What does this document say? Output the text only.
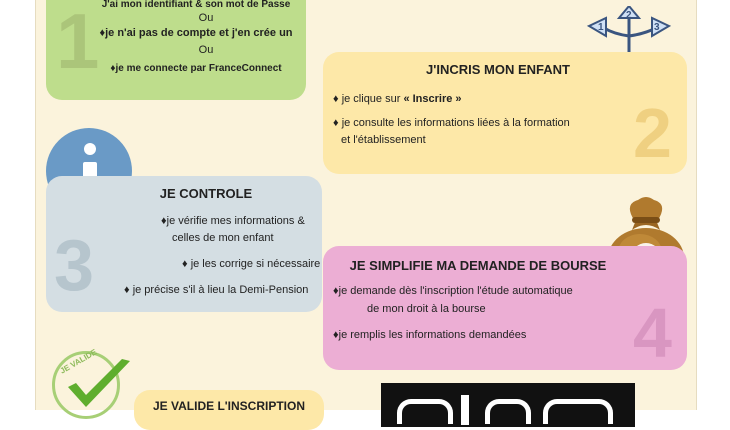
1 J'ai mon identifiant & son mot de Passe
Ou
♦je n'ai pas de compte et j'en crée un
Ou
♦je me connecte par FranceConnect
1
2
3
J'INCRIS MON ENFANT
♦ je clique sur « Inscrire »
♦ je consulte les informations liées à la formation
et l'établissement	2
JE CONTROLE
3
♦je vérifie mes informations &
celles de mon enfant
♦ je les corrige si nécessaire
♦ je précise s'il à lieu la Demi-Pension
JE SIMPLIFIE MA DEMANDE DE BOURSE
♦je demande dès l'inscription l'étude automatique
de mon droit à la bourse
♦je remplis les informations demandées 4
JE VALIDE
JE VALIDE L'INSCRIPTION
